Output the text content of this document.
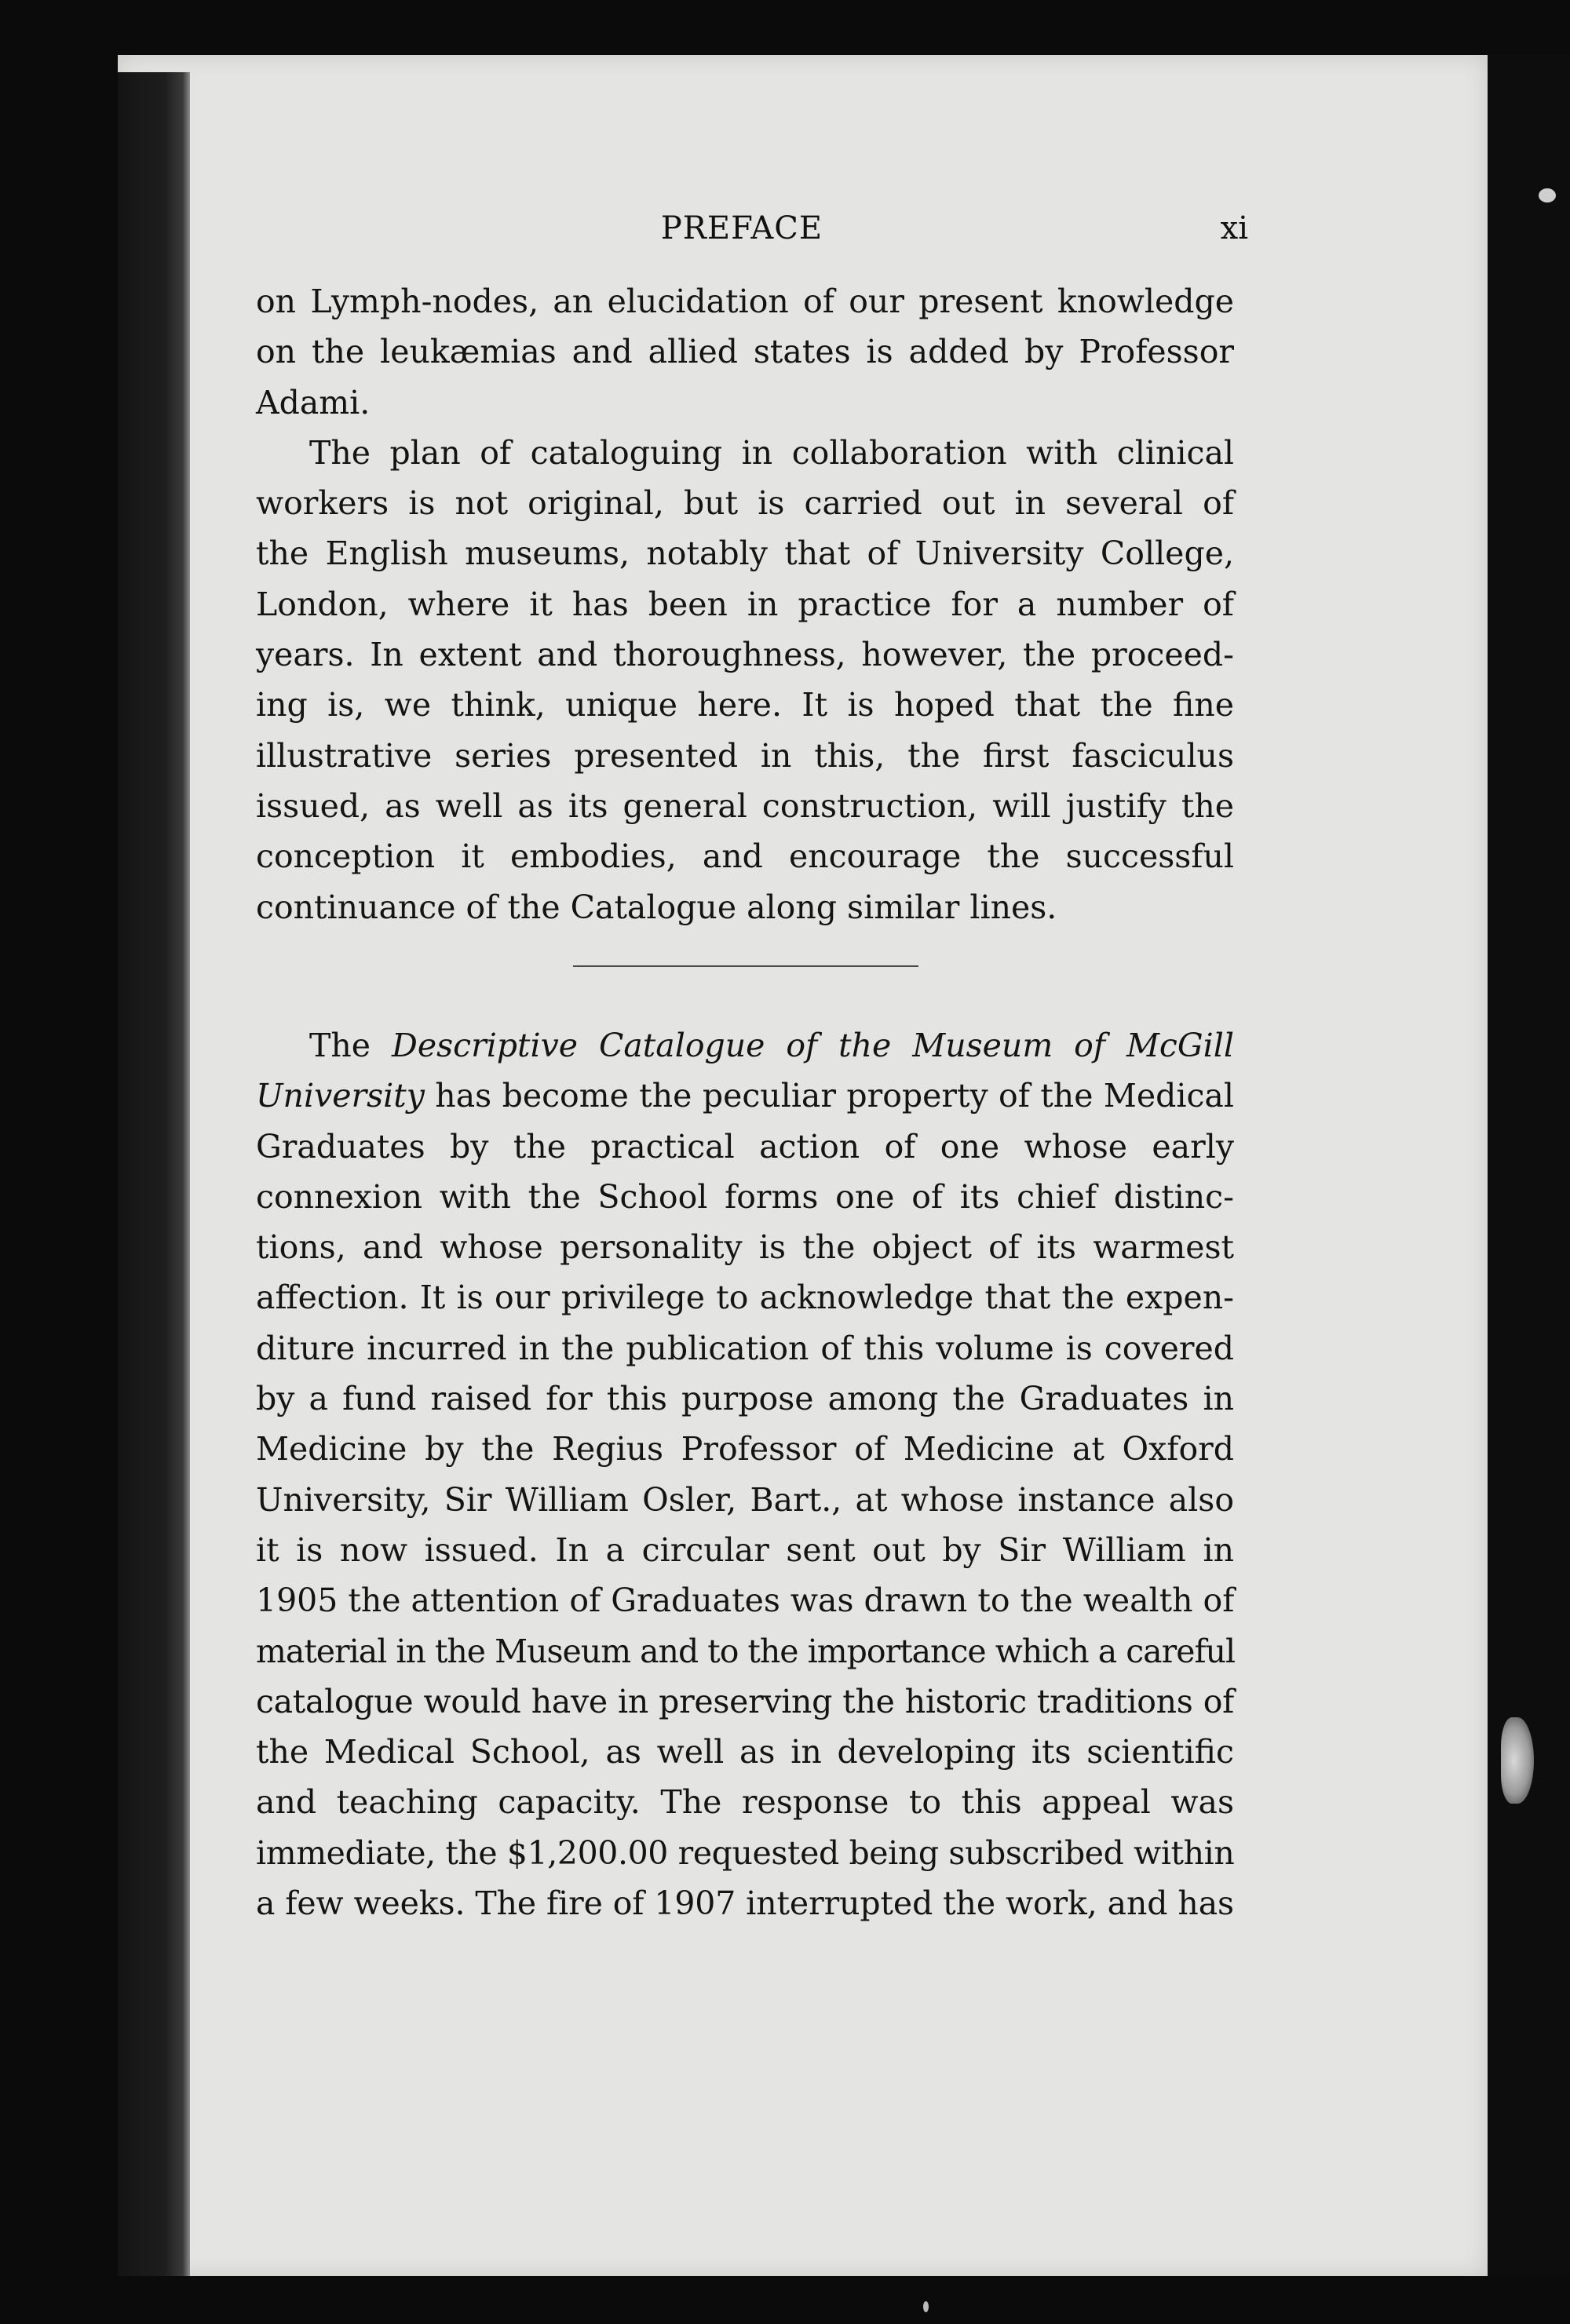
PREFACE	xi
on Lymph-nodes, an elucidation of our present knowledge
on the leukæmias and allied states is added by Professor
Adami.
The plan of cataloguing in collaboration with clinical
workers is not original, but is carried out in several of
the English museums, notably that of University College,
London, where it has been in practice for a number of
years. In extent and thoroughness, however, the proceed-
ing is, we think, unique here. It is hoped that the fine
illustrative series presented in this, the first fasciculus
issued, as well as its general construction, will justify the
conception it embodies, and encourage the successful
continuance of the Catalogue along similar lines.
The Descriptive Catalogue of the Museum of McGill
University has become the peculiar property of the Medical
Graduates by the practical action of one whose early
connexion with the School forms one of its chief distinc-
tions, and whose personality is the object of its warmest
affection. It is our privilege to acknowledge that the expen-
diture incurred in the publication of this volume is covered
by a fund raised for this purpose among the Graduates in
Medicine by the Regius Professor of Medicine at Oxford
University, Sir William Osler, Bart., at whose instance also
it is now issued. In a circular sent out by Sir William in
1905 the attention of Graduates was drawn to the wealth of
material in the Museum and to the importance which a careful
catalogue would have in preserving the historic traditions of
the Medical School, as well as in developing its scientific
and teaching capacity. The response to this appeal was
immediate, the $1,200.00 requested being subscribed within
a few weeks. The fire of 1907 interrupted the work, and has
